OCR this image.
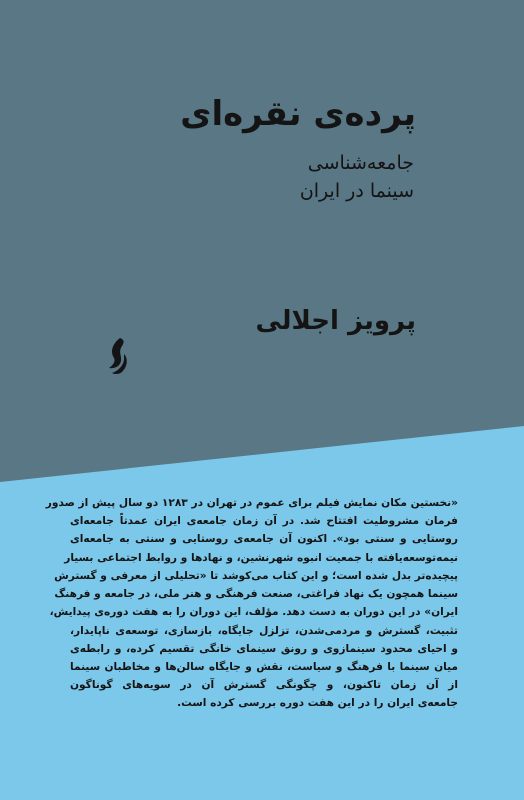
پرده‌ی نقره‌ای
جامعه‌شناسی
سینما در ایران
پرویز اجلالی
«نخستین مکان نمایش فیلم برای عموم در تهران در ۱۲۸۳ دو سال پیش از صدور
فرمان مشروطیت افتتاح شد. در آن زمان جامعه‌ی ایران عمدتاً جامعه‌ای
روستایی و سنتی بود». اکنون آن جامعه‌ی روستایی و سنتی به جامعه‌ای
نیمه‌توسعه‌یافته با جمعیت انبوه شهرنشین، و نهادها و روابط اجتماعی بسیار
پیچیده‌تر بدل شده است؛ و این کتاب می‌کوشد تا «تحلیلی از معرفی و گسترش
سینما همچون یک نهاد فراغتی، صنعت فرهنگی و هنر ملی، در جامعه و فرهنگ
ایران» در این دوران به دست دهد. مؤلف، این دوران را به هفت دوره‌ی پیدایش،
تثبیت، گسترش و مردمی‌شدن، تزلزل جایگاه، بازسازی، توسعه‌ی ناپایدار،
و احیای محدود سینمازوی و رونق سینمای خانگی تقسیم کرده، و رابطه‌ی
میان سینما با فرهنگ و سیاست، نقش و جایگاه سالن‌ها و مخاطبان سینما
از آن زمان تاکنون، و چگونگی گسترش آن در سویه‌های گوناگون
جامعه‌ی ایران را در این هفت دوره بررسی کرده است.
